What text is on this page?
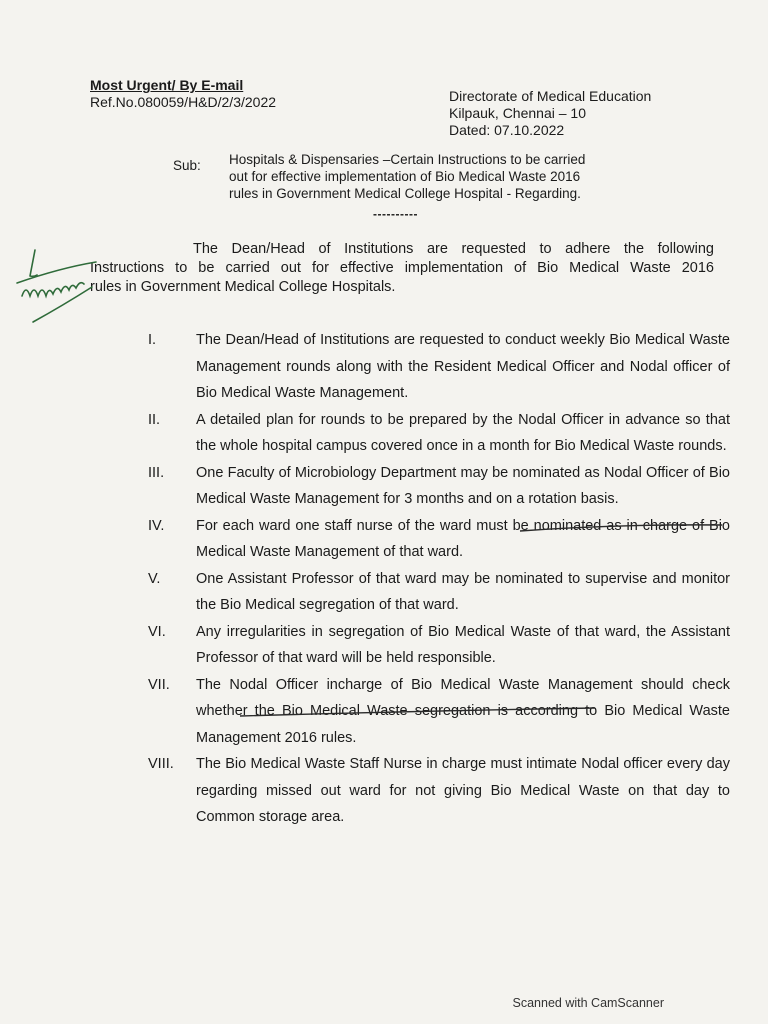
Most Urgent/ By E-mail
Ref.No.080059/H&D/2/3/2022	Directorate of Medical Education
Kilpauk, Chennai – 10
Dated: 07.10.2022
Sub: Hospitals & Dispensaries –Certain Instructions to be carried
out for effective implementation of Bio Medical Waste 2016
rules in Government Medical College Hospital - Regarding.
----------
The Dean/Head of Institutions are requested to adhere the following
Instructions to be carried out for effective implementation of Bio Medical Waste 2016
rules in Government Medical College Hospitals.
I.	The Dean/Head of Institutions are requested to conduct weekly Bio Medical Waste Management rounds along with the Resident Medical Officer and Nodal officer of Bio Medical Waste Management.
II.	A detailed plan for rounds to be prepared by the Nodal Officer in advance so that the whole hospital campus covered once in a month for Bio Medical Waste rounds.
III.	One Faculty of Microbiology Department may be nominated as Nodal Officer of Bio Medical Waste Management for 3 months and on a rotation basis.
IV.	For each ward one staff nurse of the ward must be nominated as in charge of Bio Medical Waste Management of that ward.
V.	One Assistant Professor of that ward may be nominated to supervise and monitor the Bio Medical segregation of that ward.
VI.	Any irregularities in segregation of Bio Medical Waste of that ward, the Assistant Professor of that ward will be held responsible.
VII.	The Nodal Officer incharge of Bio Medical Waste Management should check whether the Bio Medical Waste segregation is according to Bio Medical Waste Management 2016 rules.
VIII.	The Bio Medical Waste Staff Nurse in charge must intimate Nodal officer every day regarding missed out ward for not giving Bio Medical Waste on that day to Common storage area.
1 10/10/2022
Scanned with CamScanner
